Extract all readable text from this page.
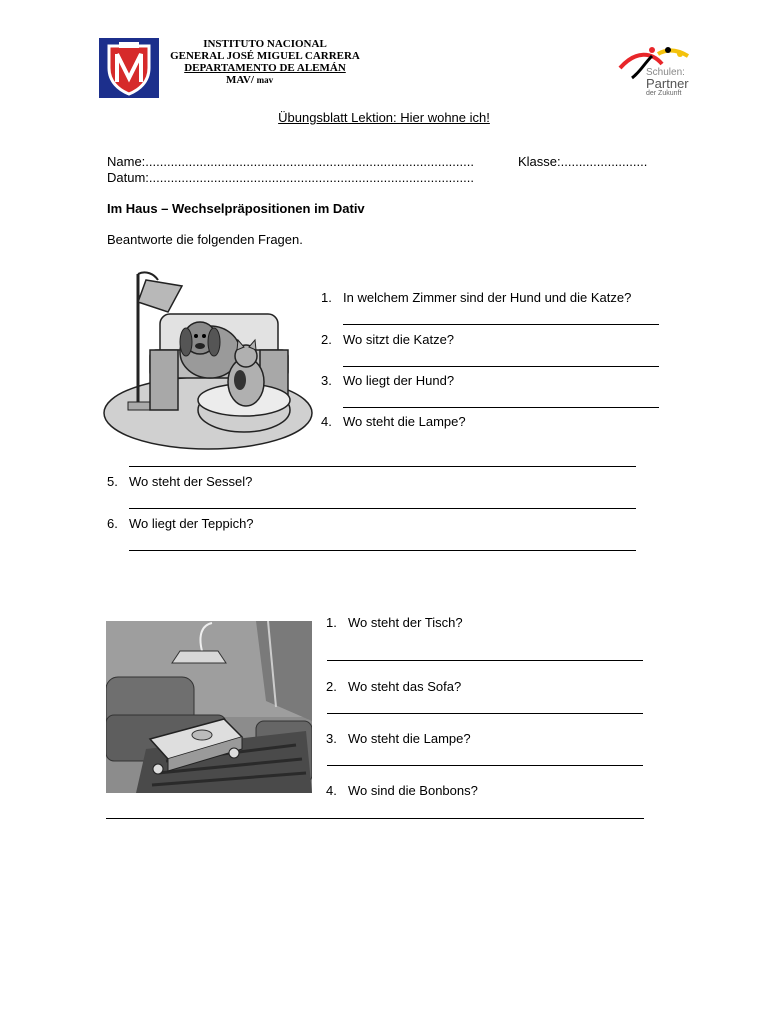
INSTITUTO NACIONAL
GENERAL JOSÉ MIGUEL CARRERA
DEPARTAMENTO DE ALEMÁN
MAV/ mav
Schulen:
Partner
der Zukunft
Übungsblatt Lektion: Hier wohne ich!
Name:...........................................................................................	Klasse:........................
Datum:..........................................................................................
Im Haus – Wechselpräpositionen im Dativ
Beantworte die folgenden Fragen.
1. In welchem Zimmer sind der Hund und die Katze?
2. Wo sitzt die Katze?
3. Wo liegt der Hund?
4. Wo steht die Lampe?
5. Wo steht der Sessel?
6. Wo liegt der Teppich?
1. Wo steht der Tisch?
2. Wo steht das Sofa?
3. Wo steht die Lampe?
4. Wo sind die Bonbons?
